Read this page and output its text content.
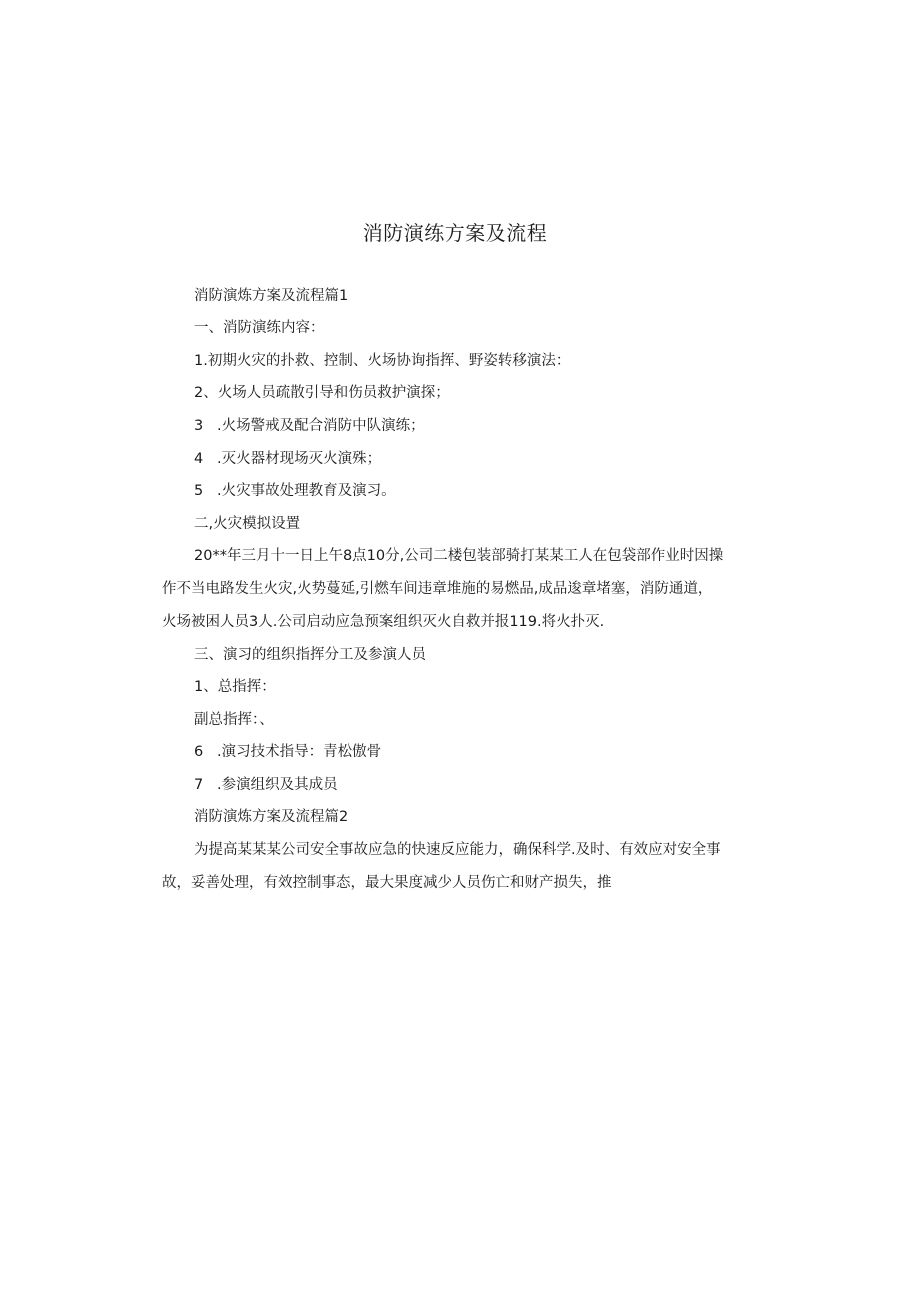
消防演练方案及流程
消防演炼方案及流程篇1
一、消防演练内容：
1.初期火灾的扑救、控制、火场协询指挥、野姿转移演法：
2、火场人员疏散引导和伤员救护演探；
3   .火场警戒及配合消防中队演练；
4   .灭火器材现场灭火演殊；
5   .火灾事故处理教育及演习。
二,火灾模拟设置
20**年三月十一日上午8点10分,公司二楼包装部骑打某某工人在包袋部作业时因操
作不当电路发生火灾,火势蔓延,引燃车间违章堆施的易燃品,成品逡章堵塞，消防通道，
火场被困人员3人.公司启动应急预案组织灭火自救并报119.将火扑灭.
三、演习的组织指挥分工及参演人员
1、总指挥：
副总指挥：、
6   .演习技术指导：青松傲骨
7   .参演组织及其成员
消防演炼方案及流程篇2
为提高某某某公司安全事故应急的快速反应能力，确保科学.及时、有效应对安全事
故，妥善处理，有效控制事态，最大果度减少人员伤亡和财产损失，推
